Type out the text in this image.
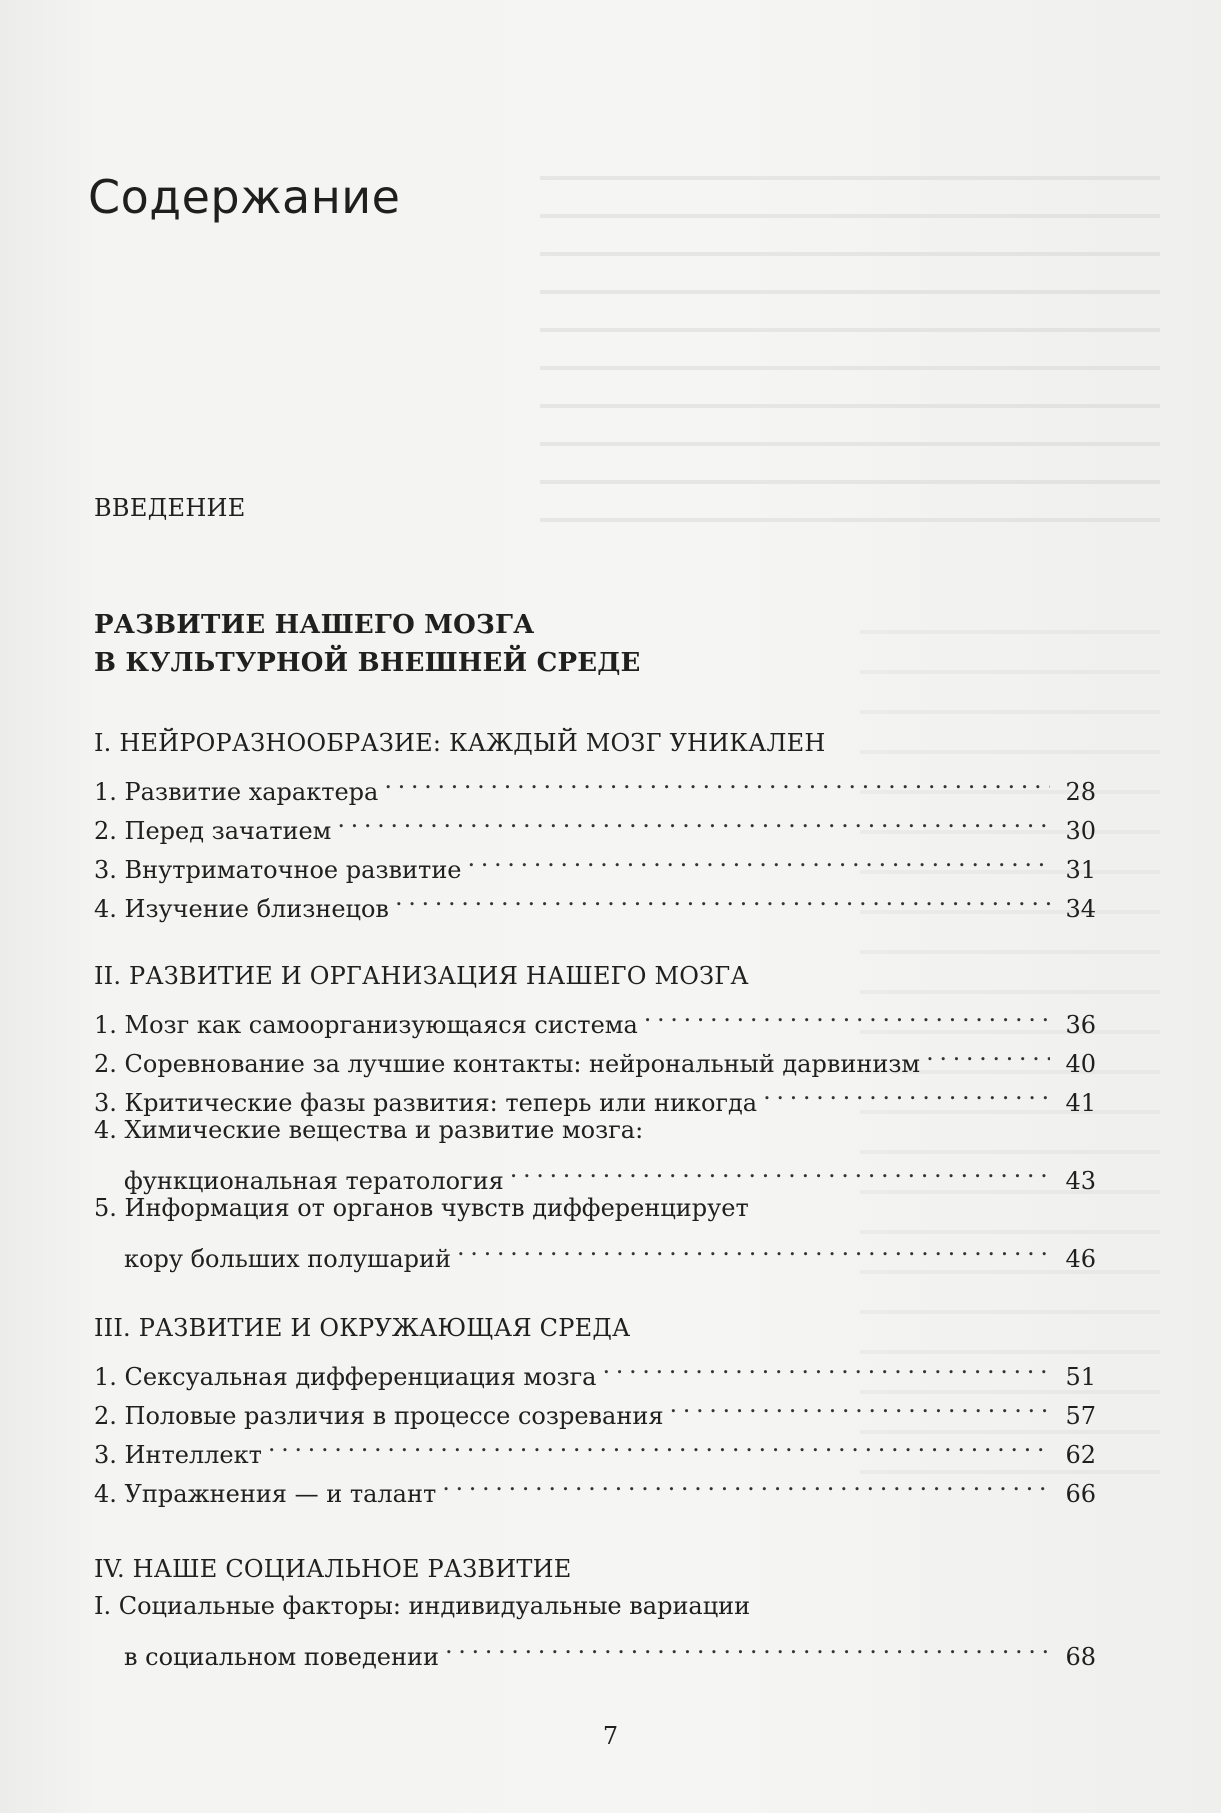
Содержание
ВВЕДЕНИЕ
РАЗВИТИЕ НАШЕГО МОЗГА
В КУЛЬТУРНОЙ ВНЕШНЕЙ СРЕДЕ
I. НЕЙРОРАЗНООБРАЗИЕ: КАЖДЫЙ МОЗГ УНИКАЛЕН
1. Развитие характера . . .	28
2. Перед зачатием . . .	30
3. Внутриматочное развитие . . .	31
4. Изучение близнецов . . .	34
II. РАЗВИТИЕ И ОРГАНИЗАЦИЯ НАШЕГО МОЗГА
1. Мозг как самоорганизующаяся система . . .	36
2. Соревнование за лучшие контакты: нейрональный дарвинизм . . .	40
3. Критические фазы развития: теперь или никогда . . .	41
4. Химические вещества и развитие мозга:
функциональная тератология . . .	43
5. Информация от органов чувств дифференцирует
кору больших полушарий . . .	46
III. РАЗВИТИЕ И ОКРУЖАЮЩАЯ СРЕДА
1. Сексуальная дифференциация мозга . . .	51
2. Половые различия в процессе созревания . . .	57
3. Интеллект . . .	62
4. Упражнения — и талант . . .	66
IV. НАШЕ СОЦИАЛЬНОЕ РАЗВИТИЕ
I. Социальные факторы: индивидуальные вариации
в социальном поведении . . .	68
7
